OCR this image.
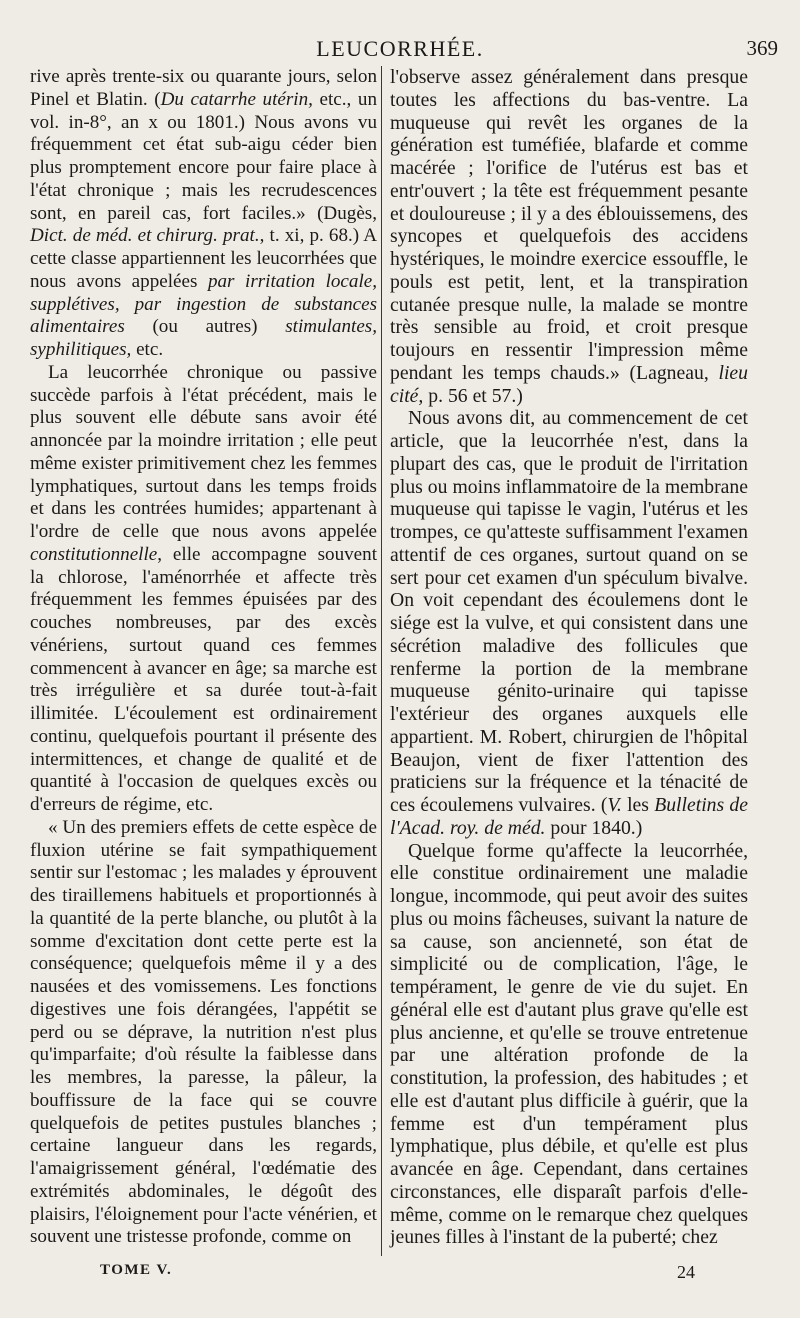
LEUCORRHÉE.	369

rive après trente-six ou quarante jours, selon Pinel et Blatin. (Du catarrhe utérin, etc., un vol. in-8°, an x ou 1801.) Nous avons vu fréquemment cet état sub-aigu céder bien plus promptement encore pour faire place à l'état chronique ; mais les recrudescences sont, en pareil cas, fort faciles.» (Dugès, Dict. de méd. et chirurg. prat., t. xi, p. 68.) A cette classe appartiennent les leucorrhées que nous avons appelées par irritation locale, supplétives, par ingestion de substances alimentaires (ou autres) stimulantes, syphilitiques, etc.

La leucorrhée chronique ou passive succède parfois à l'état précédent, mais le plus souvent elle débute sans avoir été annoncée par la moindre irritation ; elle peut même exister primitivement chez les femmes lymphatiques, surtout dans les temps froids et dans les contrées humides; appartenant à l'ordre de celle que nous avons appelée constitutionnelle, elle accompagne souvent la chlorose, l'aménorrhée et affecte très fréquemment les femmes épuisées par des couches nombreuses, par des excès vénériens, surtout quand ces femmes commencent à avancer en âge; sa marche est très irrégulière et sa durée tout-à-fait illimitée. L'écoulement est ordinairement continu, quelquefois pourtant il présente des intermittences, et change de qualité et de quantité à l'occasion de quelques excès ou d'erreurs de régime, etc.

« Un des premiers effets de cette espèce de fluxion utérine se fait sympathiquement sentir sur l'estomac ; les malades y éprouvent des tiraillemens habituels et proportionnés à la quantité de la perte blanche, ou plutôt à la somme d'excitation dont cette perte est la conséquence; quelquefois même il y a des nausées et des vomissemens. Les fonctions digestives une fois dérangées, l'appétit se perd ou se déprave, la nutrition n'est plus qu'imparfaite; d'où résulte la faiblesse dans les membres, la paresse, la pâleur, la bouffissure de la face qui se couvre quelquefois de petites pustules blanches ; certaine langueur dans les regards, l'amaigrissement général, l'œdématie des extrémités abdominales, le dégoût des plaisirs, l'éloignement pour l'acte vénérien, et souvent une tristesse profonde, comme on

l'observe assez généralement dans presque toutes les affections du bas-ventre. La muqueuse qui revêt les organes de la génération est tuméfiée, blafarde et comme macérée ; l'orifice de l'utérus est bas et entr'ouvert ; la tête est fréquemment pesante et douloureuse ; il y a des éblouissemens, des syncopes et quelquefois des accidens hystériques, le moindre exercice essouffle, le pouls est petit, lent, et la transpiration cutanée presque nulle, la malade se montre très sensible au froid, et croit presque toujours en ressentir l'impression même pendant les temps chauds.» (Lagneau, lieu cité, p. 56 et 57.)

Nous avons dit, au commencement de cet article, que la leucorrhée n'est, dans la plupart des cas, que le produit de l'irritation plus ou moins inflammatoire de la membrane muqueuse qui tapisse le vagin, l'utérus et les trompes, ce qu'atteste suffisamment l'examen attentif de ces organes, surtout quand on se sert pour cet examen d'un spéculum bivalve. On voit cependant des écoulemens dont le siége est la vulve, et qui consistent dans une sécrétion maladive des follicules que renferme la portion de la membrane muqueuse génito-urinaire qui tapisse l'extérieur des organes auxquels elle appartient. M. Robert, chirurgien de l'hôpital Beaujon, vient de fixer l'attention des praticiens sur la fréquence et la ténacité de ces écoulemens vulvaires. (V. les Bulletins de l'Acad. roy. de méd. pour 1840.)

Quelque forme qu'affecte la leucorrhée, elle constitue ordinairement une maladie longue, incommode, qui peut avoir des suites plus ou moins fâcheuses, suivant la nature de sa cause, son ancienneté, son état de simplicité ou de complication, l'âge, le tempérament, le genre de vie du sujet. En général elle est d'autant plus grave qu'elle est plus ancienne, et qu'elle se trouve entretenue par une altération profonde de la constitution, la profession, des habitudes ; et elle est d'autant plus difficile à guérir, que la femme est d'un tempérament plus lymphatique, plus débile, et qu'elle est plus avancée en âge. Cependant, dans certaines circonstances, elle disparaît parfois d'elle-même, comme on le remarque chez quelques jeunes filles à l'instant de la puberté; chez

TOME V.	24
